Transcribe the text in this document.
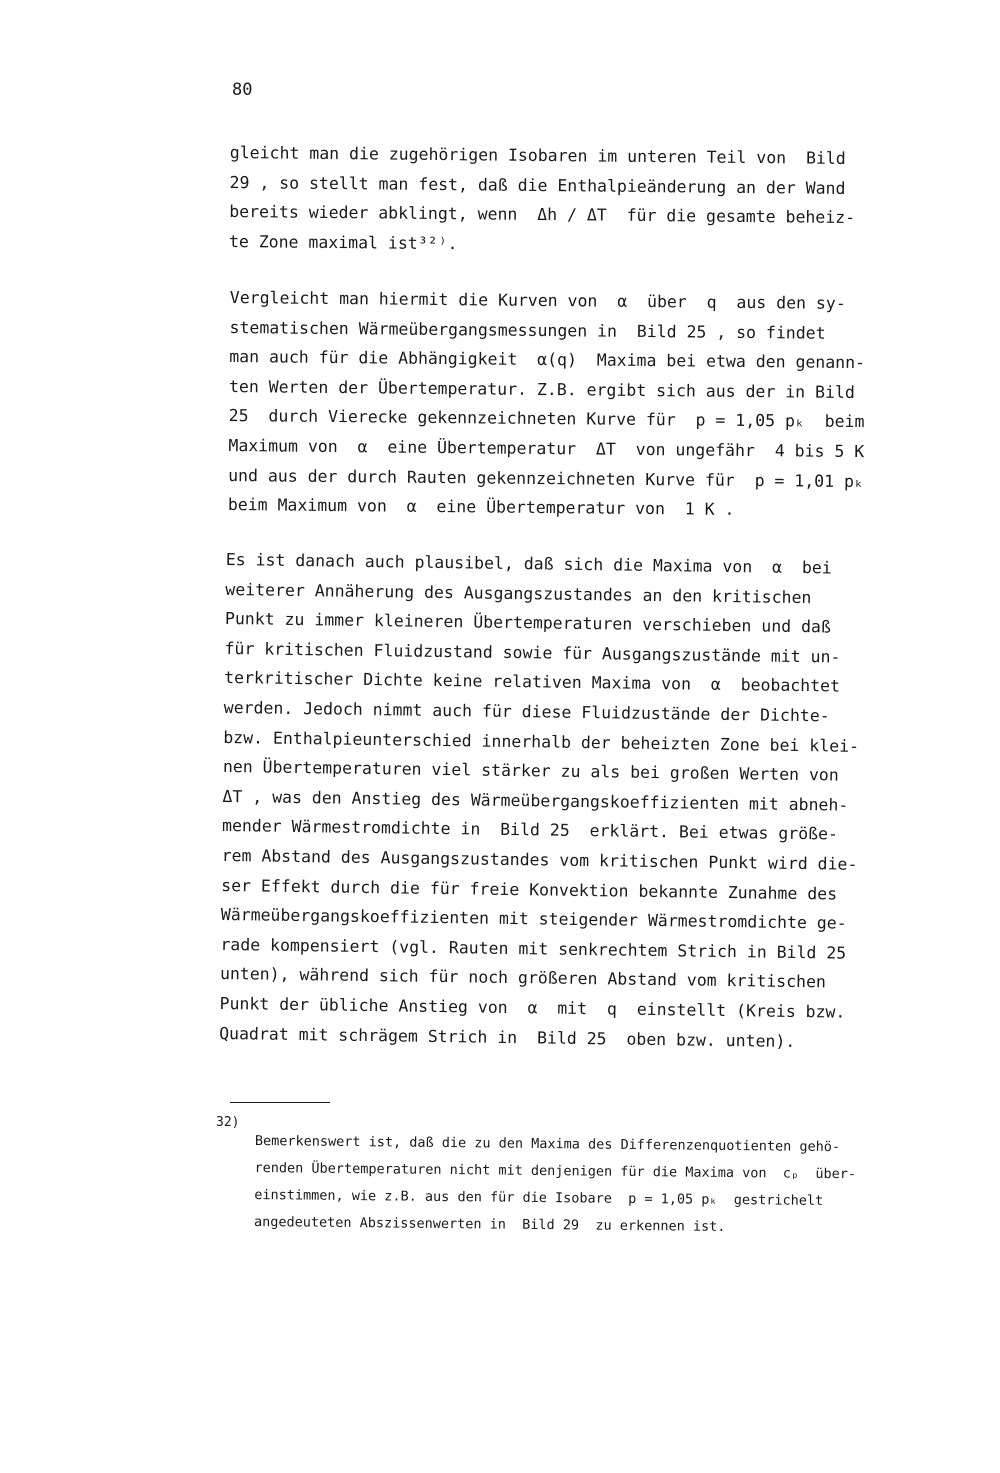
80
gleicht man die zugehörigen Isobaren im unteren Teil von  Bild
29 , so stellt man fest, daß die Enthalpieänderung an der Wand
bereits wieder abklingt, wenn  Δh / ΔT  für die gesamte beheiz-
te Zone maximal ist³²⁾.
Vergleicht man hiermit die Kurven von  α  über  q  aus den sy-
stematischen Wärmeübergangsmessungen in  Bild 25 , so findet
man auch für die Abhängigkeit  α(q)  Maxima bei etwa den genann-
ten Werten der Übertemperatur. Z.B. ergibt sich aus der in Bild
25  durch Vierecke gekennzeichneten Kurve für  p = 1,05 pₖ  beim
Maximum von  α  eine Übertemperatur  ΔT  von ungefähr  4 bis 5 K
und aus der durch Rauten gekennzeichneten Kurve für  p = 1,01 pₖ
beim Maximum von  α  eine Übertemperatur von  1 K .
Es ist danach auch plausibel, daß sich die Maxima von  α  bei
weiterer Annäherung des Ausgangszustandes an den kritischen
Punkt zu immer kleineren Übertemperaturen verschieben und daß
für kritischen Fluidzustand sowie für Ausgangszustände mit un-
terkritischer Dichte keine relativen Maxima von  α  beobachtet
werden. Jedoch nimmt auch für diese Fluidzustände der Dichte-
bzw. Enthalpieunterschied innerhalb der beheizten Zone bei klei-
nen Übertemperaturen viel stärker zu als bei großen Werten von
ΔT , was den Anstieg des Wärmeübergangskoeffizienten mit abneh-
mender Wärmestromdichte in  Bild 25  erklärt. Bei etwas größe-
rem Abstand des Ausgangszustandes vom kritischen Punkt wird die-
ser Effekt durch die für freie Konvektion bekannte Zunahme des
Wärmeübergangskoeffizienten mit steigender Wärmestromdichte ge-
rade kompensiert (vgl. Rauten mit senkrechtem Strich in Bild 25
unten), während sich für noch größeren Abstand vom kritischen
Punkt der übliche Anstieg von  α  mit  q  einstellt (Kreis bzw.
Quadrat mit schrägem Strich in  Bild 25  oben bzw. unten).
32)
Bemerkenswert ist, daß die zu den Maxima des Differenzenquotienten gehö-
renden Übertemperaturen nicht mit denjenigen für die Maxima von  cₚ  über-
einstimmen, wie z.B. aus den für die Isobare  p = 1,05 pₖ  gestrichelt
angedeuteten Abszissenwerten in  Bild 29  zu erkennen ist.
